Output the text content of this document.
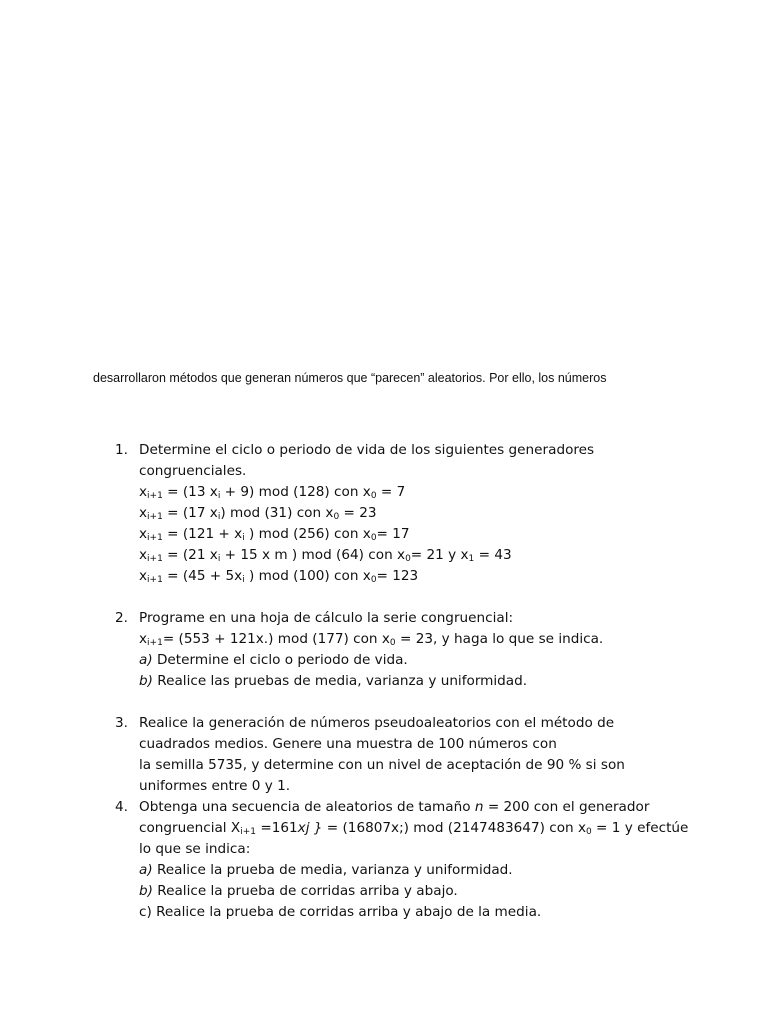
desarrollaron métodos que generan números que “parecen” aleatorios. Por ello, los números
1. Determine el ciclo o periodo de vida de los siguientes generadores
congruenciales.
$x_{i+1} = (13$ $x_i + 9$) mod (128) con $x_0 = 7$
$x_{i+1} = (17$ $x_i$) mod (31) con $x_0 = 23$
$x_{i+1} = (121 + x_i$ ) mod (256) con $x_0= 17$
$x_{i+1} = (21$ $x_i + 15$ x m ) mod (64) con $x_0= 21$ y $x_1 = 43$
$x_{i+1} = (45 + 5x_i$ ) mod (100) con $x_0= 123$
2. Programe en una hoja de cálculo la serie congruencial:
$x_{i+1}= (553 + 121x.)$ mod (177) con $x_0 = 23$, y haga lo que se indica.
a) Determine el ciclo o periodo de vida.
b) Realice las pruebas de media, varianza y uniformidad.
3. Realice la generación de números pseudoaleatorios con el método de
cuadrados medios. Genere una muestra de 100 números con
la semilla 5735, y determine con un nivel de aceptación de 90 % si son
uniformes entre 0 y 1.
4. Obtenga una secuencia de aleatorios de tamaño n = 200 con el generador
congruencial $X_{i+1} =161xj$ } = (16807x;) mod (2147483647) con $x_0 = 1$ y efectúe
lo que se indica:
a) Realice la prueba de media, varianza y uniformidad.
b) Realice la prueba de corridas arriba y abajo.
c) Realice la prueba de corridas arriba y abajo de la media.
